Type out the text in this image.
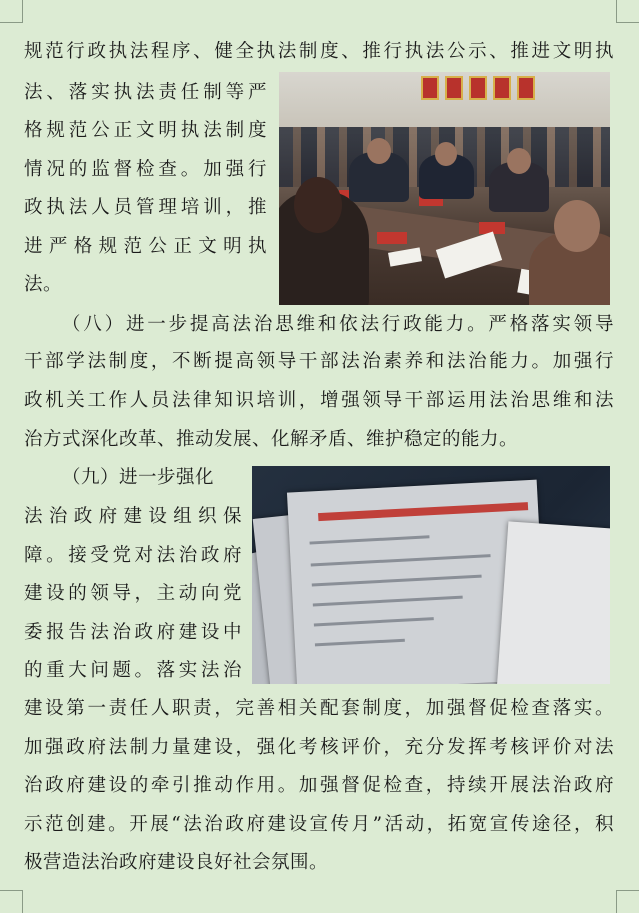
规范行政执法程序、健全执法制度、推行执法公示、推进文明执
法、落实执法责任制等严
格规范公正文明执法制度
情况的监督检查。加强行
政执法人员管理培训，推
进严格规范公正文明执
法。
（八）进一步提高法治思维和依法行政能力。严格落实领导
干部学法制度，不断提高领导干部法治素养和法治能力。加强行
政机关工作人员法律知识培训，增强领导干部运用法治思维和法
治方式深化改革、推动发展、化解矛盾、维护稳定的能力。
（九）进一步强化
法治政府建设组织保
障。接受党对法治政府
建设的领导，主动向党
委报告法治政府建设中
的重大问题。落实法治
建设第一责任人职责，完善相关配套制度，加强督促检查落实。
加强政府法制力量建设，强化考核评价，充分发挥考核评价对法
治政府建设的牵引推动作用。加强督促检查，持续开展法治政府
示范创建。开展“法治政府建设宣传月”活动，拓宽宣传途径，积
极营造法治政府建设良好社会氛围。
